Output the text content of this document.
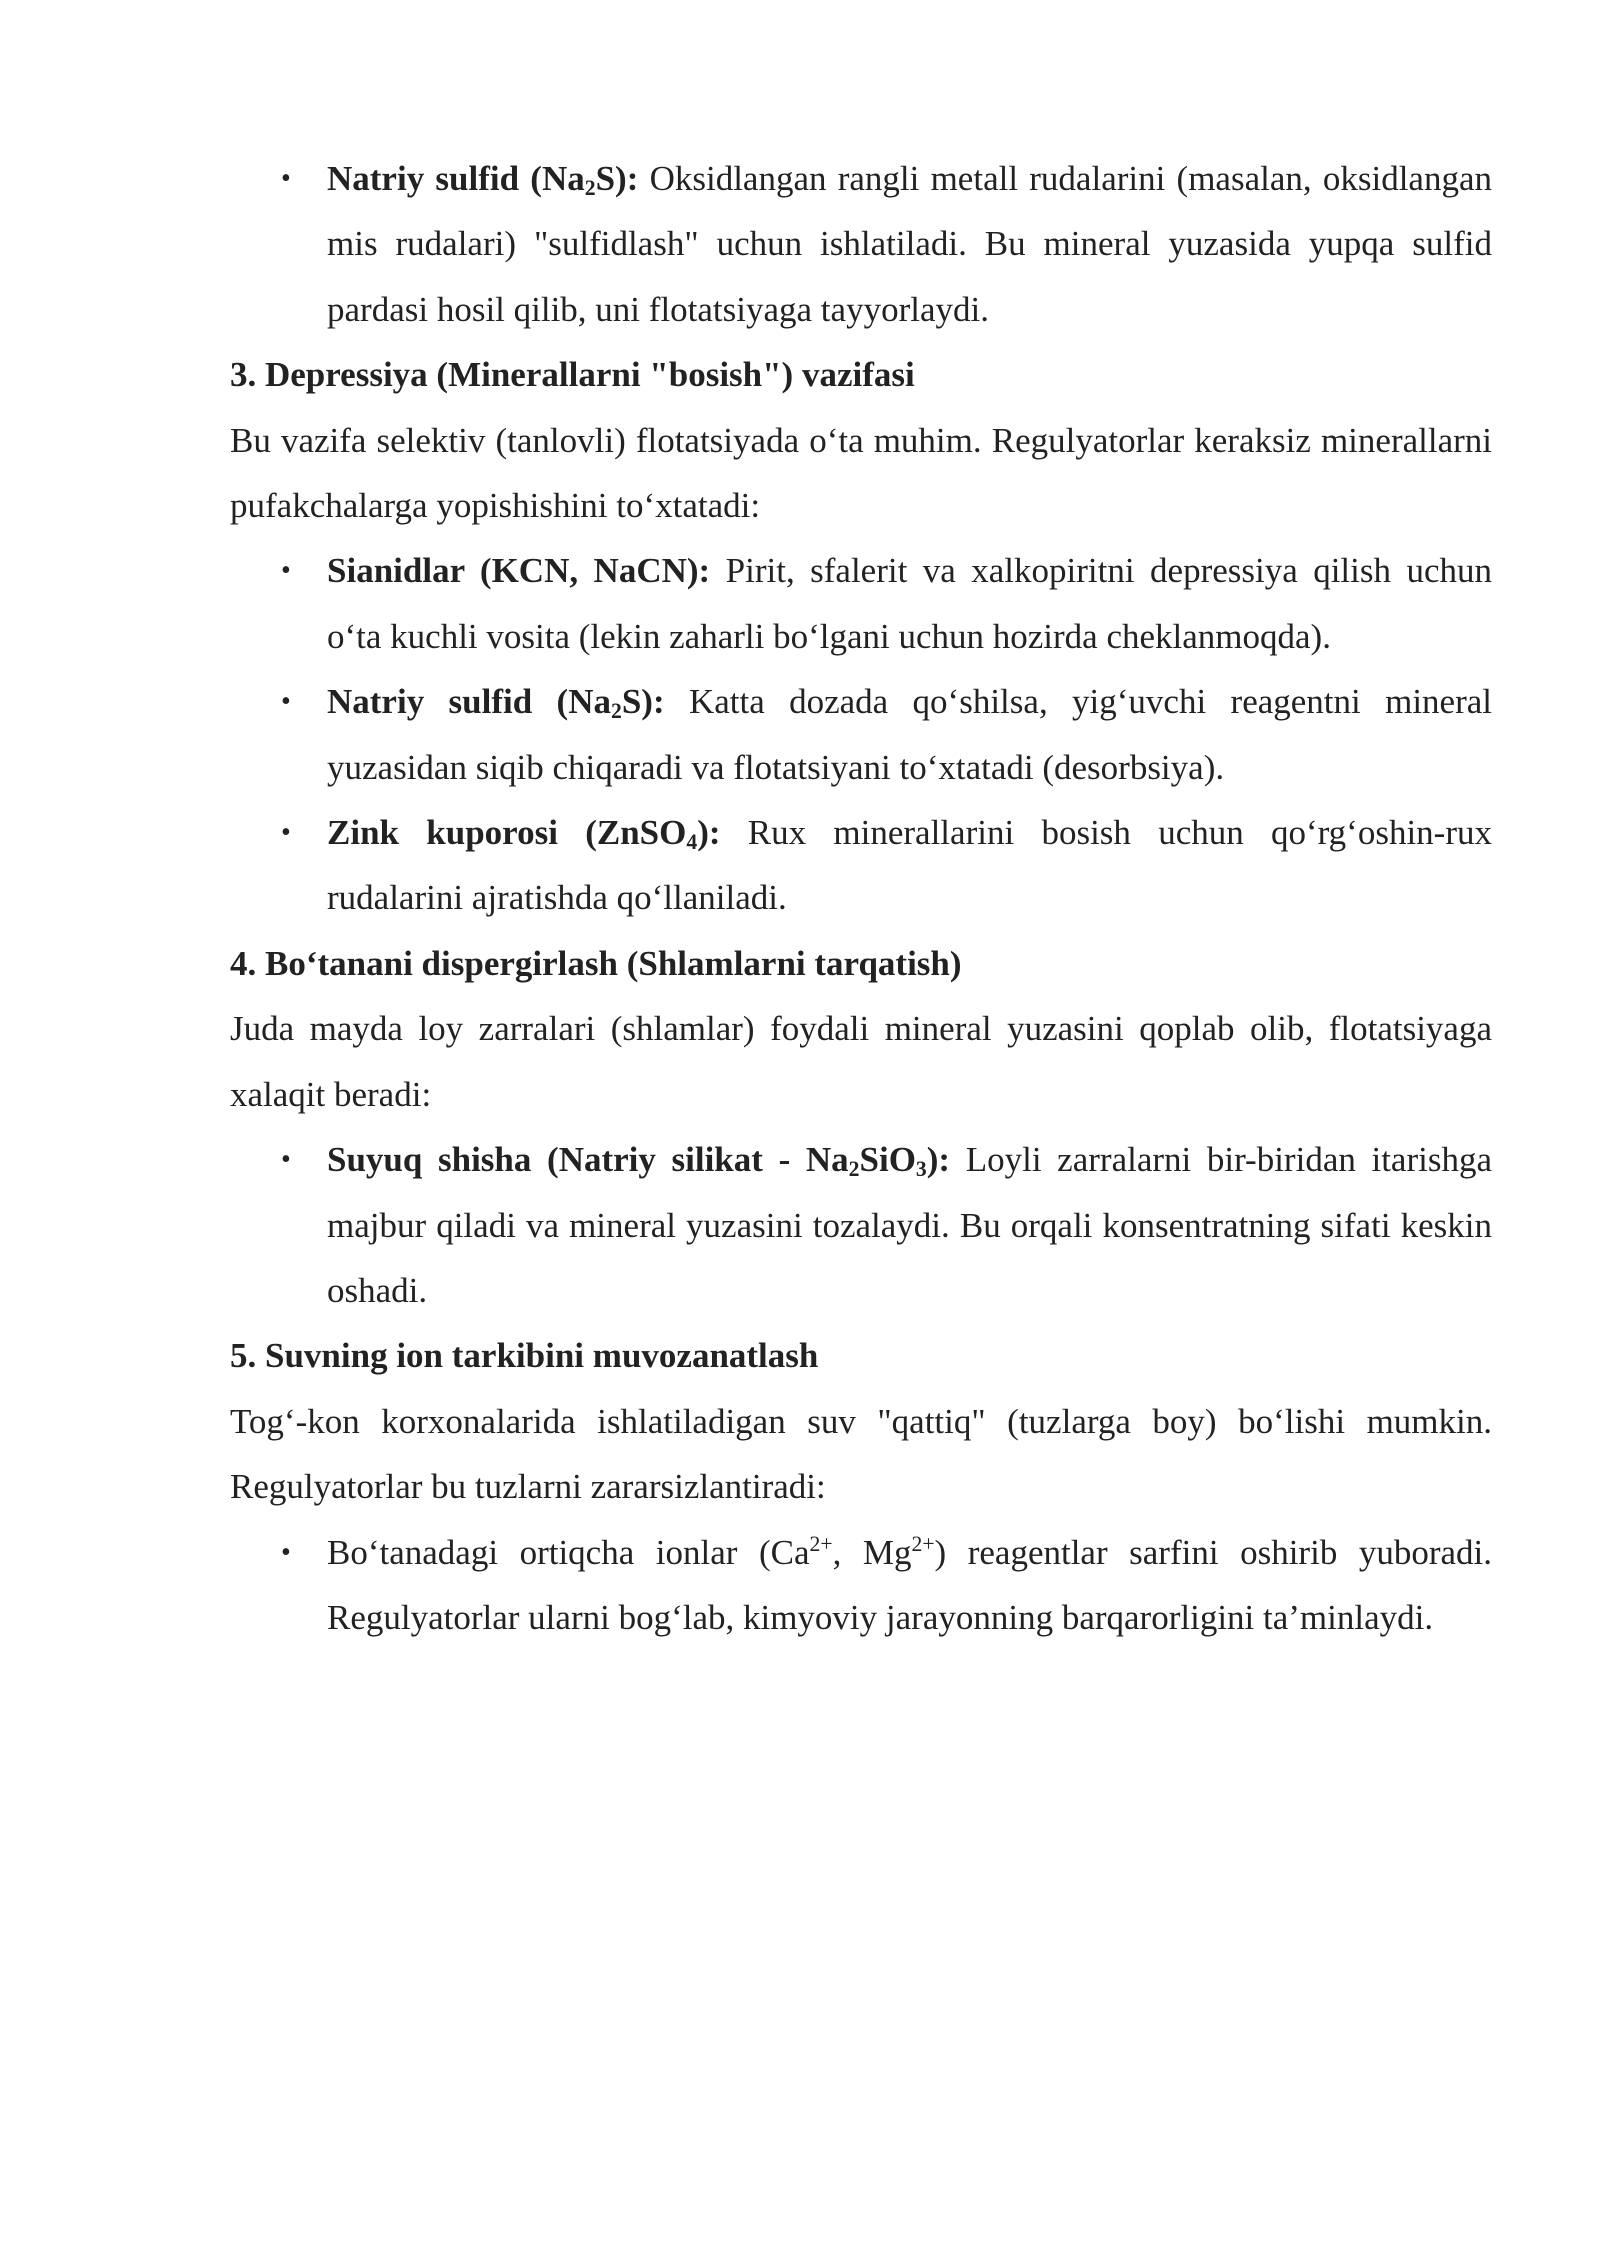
• Natriy sulfid $(Na_2S)$: Oksidlangan rangli metall rudalarini (masalan, oksidlangan mis rudalari) "sulfidlash" uchun ishlatiladi. Bu mineral yuzasida yupqa sulfid pardasi hosil qilib, uni flotatsiyaga tayyorlaydi.

3. Depressiya (Minerallarni "bosish") vazifasi

Bu vazifa selektiv (tanlovli) flotatsiyada o‘ta muhim. Regulyatorlar keraksiz minerallarni pufakchalarga yopishishini to‘xtatadi:

• Sianidlar (KCN, NaCN): Pirit, sfalerit va xalkopiritni depressiya qilish uchun o‘ta kuchli vosita (lekin zaharli bo‘lgani uchun hozirda cheklanmoqda).
• Natriy sulfid $(Na_2S)$: Katta dozada qo‘shilsa, yig‘uvchi reagentni mineral yuzasidan siqib chiqaradi va flotatsiyani to‘xtatadi (desorbsiya).
• Zink kuporosi (ZnSO$_4$): Rux minerallarini bosish uchun qo‘rg‘oshin-rux rudalarini ajratishda qo‘llaniladi.

4. Bo‘tanani dispergirlash (Shlamlarni tarqatish)

Juda mayda loy zarralari (shlamlar) foydali mineral yuzasini qoplab olib, flotatsiyaga xalaqit beradi:

• Suyuq shisha (Natriy silikat - $Na_2SiO_3$): Loyli zarralarni bir-biridan itarishga majbur qiladi va mineral yuzasini tozalaydi. Bu orqali konsentratning sifati keskin oshadi.

5. Suvning ion tarkibini muvozanatlash

Tog‘-kon korxonalarida ishlatiladigan suv "qattiq" (tuzlarga boy) bo‘lishi mumkin. Regulyatorlar bu tuzlarni zararsizlantiradi:

• Bo‘tanadagi ortiqcha ionlar ($Ca^{2+}$, $Mg^{2+}$) reagentlar sarfini oshirib yuboradi. Regulyatorlar ularni bog‘lab, kimyoviy jarayonning barqarorligini ta’minlaydi.
